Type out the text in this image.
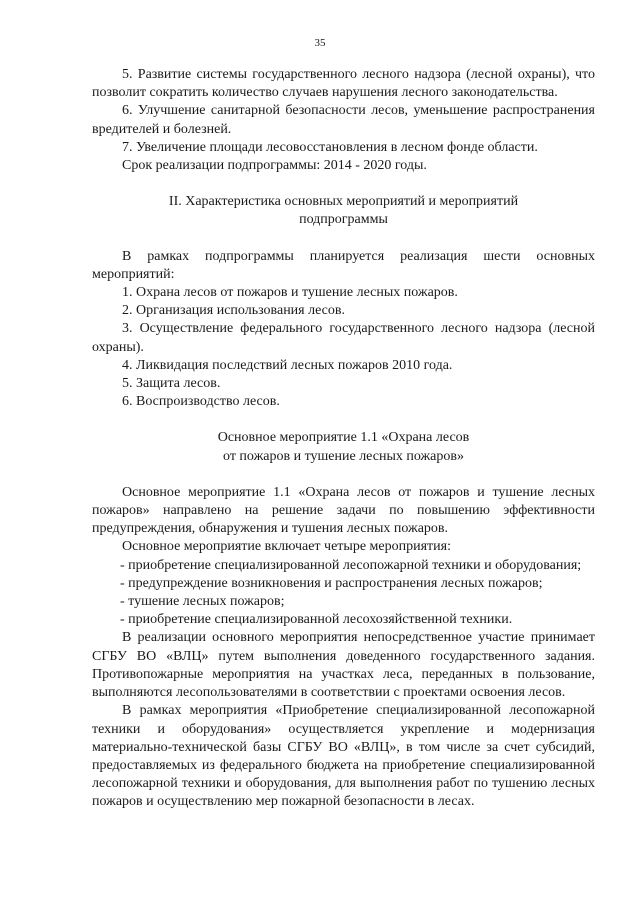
35

5. Развитие системы государственного лесного надзора (лесной охраны), что позволит сократить количество случаев нарушения лесного законодательства.

6. Улучшение санитарной безопасности лесов, уменьшение распространения вредителей и болезней.

7. Увеличение площади лесовосстановления в лесном фонде области.

Срок реализации подпрограммы: 2014 - 2020 годы.

II. Характеристика основных мероприятий и мероприятий
подпрограммы

В рамках подпрограммы планируется реализация шести основных мероприятий:

1. Охрана лесов от пожаров и тушение лесных пожаров.

2. Организация использования лесов.

3. Осуществление федерального государственного лесного надзора (лесной охраны).

4. Ликвидация последствий лесных пожаров 2010 года.

5. Защита лесов.

6. Воспроизводство лесов.

Основное мероприятие 1.1 «Охрана лесов
от пожаров и тушение лесных пожаров»

Основное мероприятие 1.1 «Охрана лесов от пожаров и тушение лесных пожаров» направлено на решение задачи по повышению эффективности предупреждения, обнаружения и тушения лесных пожаров.

Основное мероприятие включает четыре мероприятия:

- приобретение специализированной лесопожарной техники и оборудования;

- предупреждение возникновения и распространения лесных пожаров;

- тушение лесных пожаров;

- приобретение специализированной лесохозяйственной техники.

В реализации основного мероприятия непосредственное участие принимает СГБУ ВО «ВЛЦ» путем выполнения доведенного государственного задания. Противопожарные мероприятия на участках леса, переданных в пользование, выполняются лесопользователями в соответствии с проектами освоения лесов.

В рамках мероприятия «Приобретение специализированной лесопожарной техники и оборудования» осуществляется укрепление и модернизация материально-технической базы СГБУ ВО «ВЛЦ», в том числе за счет субсидий, предоставляемых из федерального бюджета на приобретение специализированной лесопожарной техники и оборудования, для выполнения работ по тушению лесных пожаров и осуществлению мер пожарной безопасности в лесах.
